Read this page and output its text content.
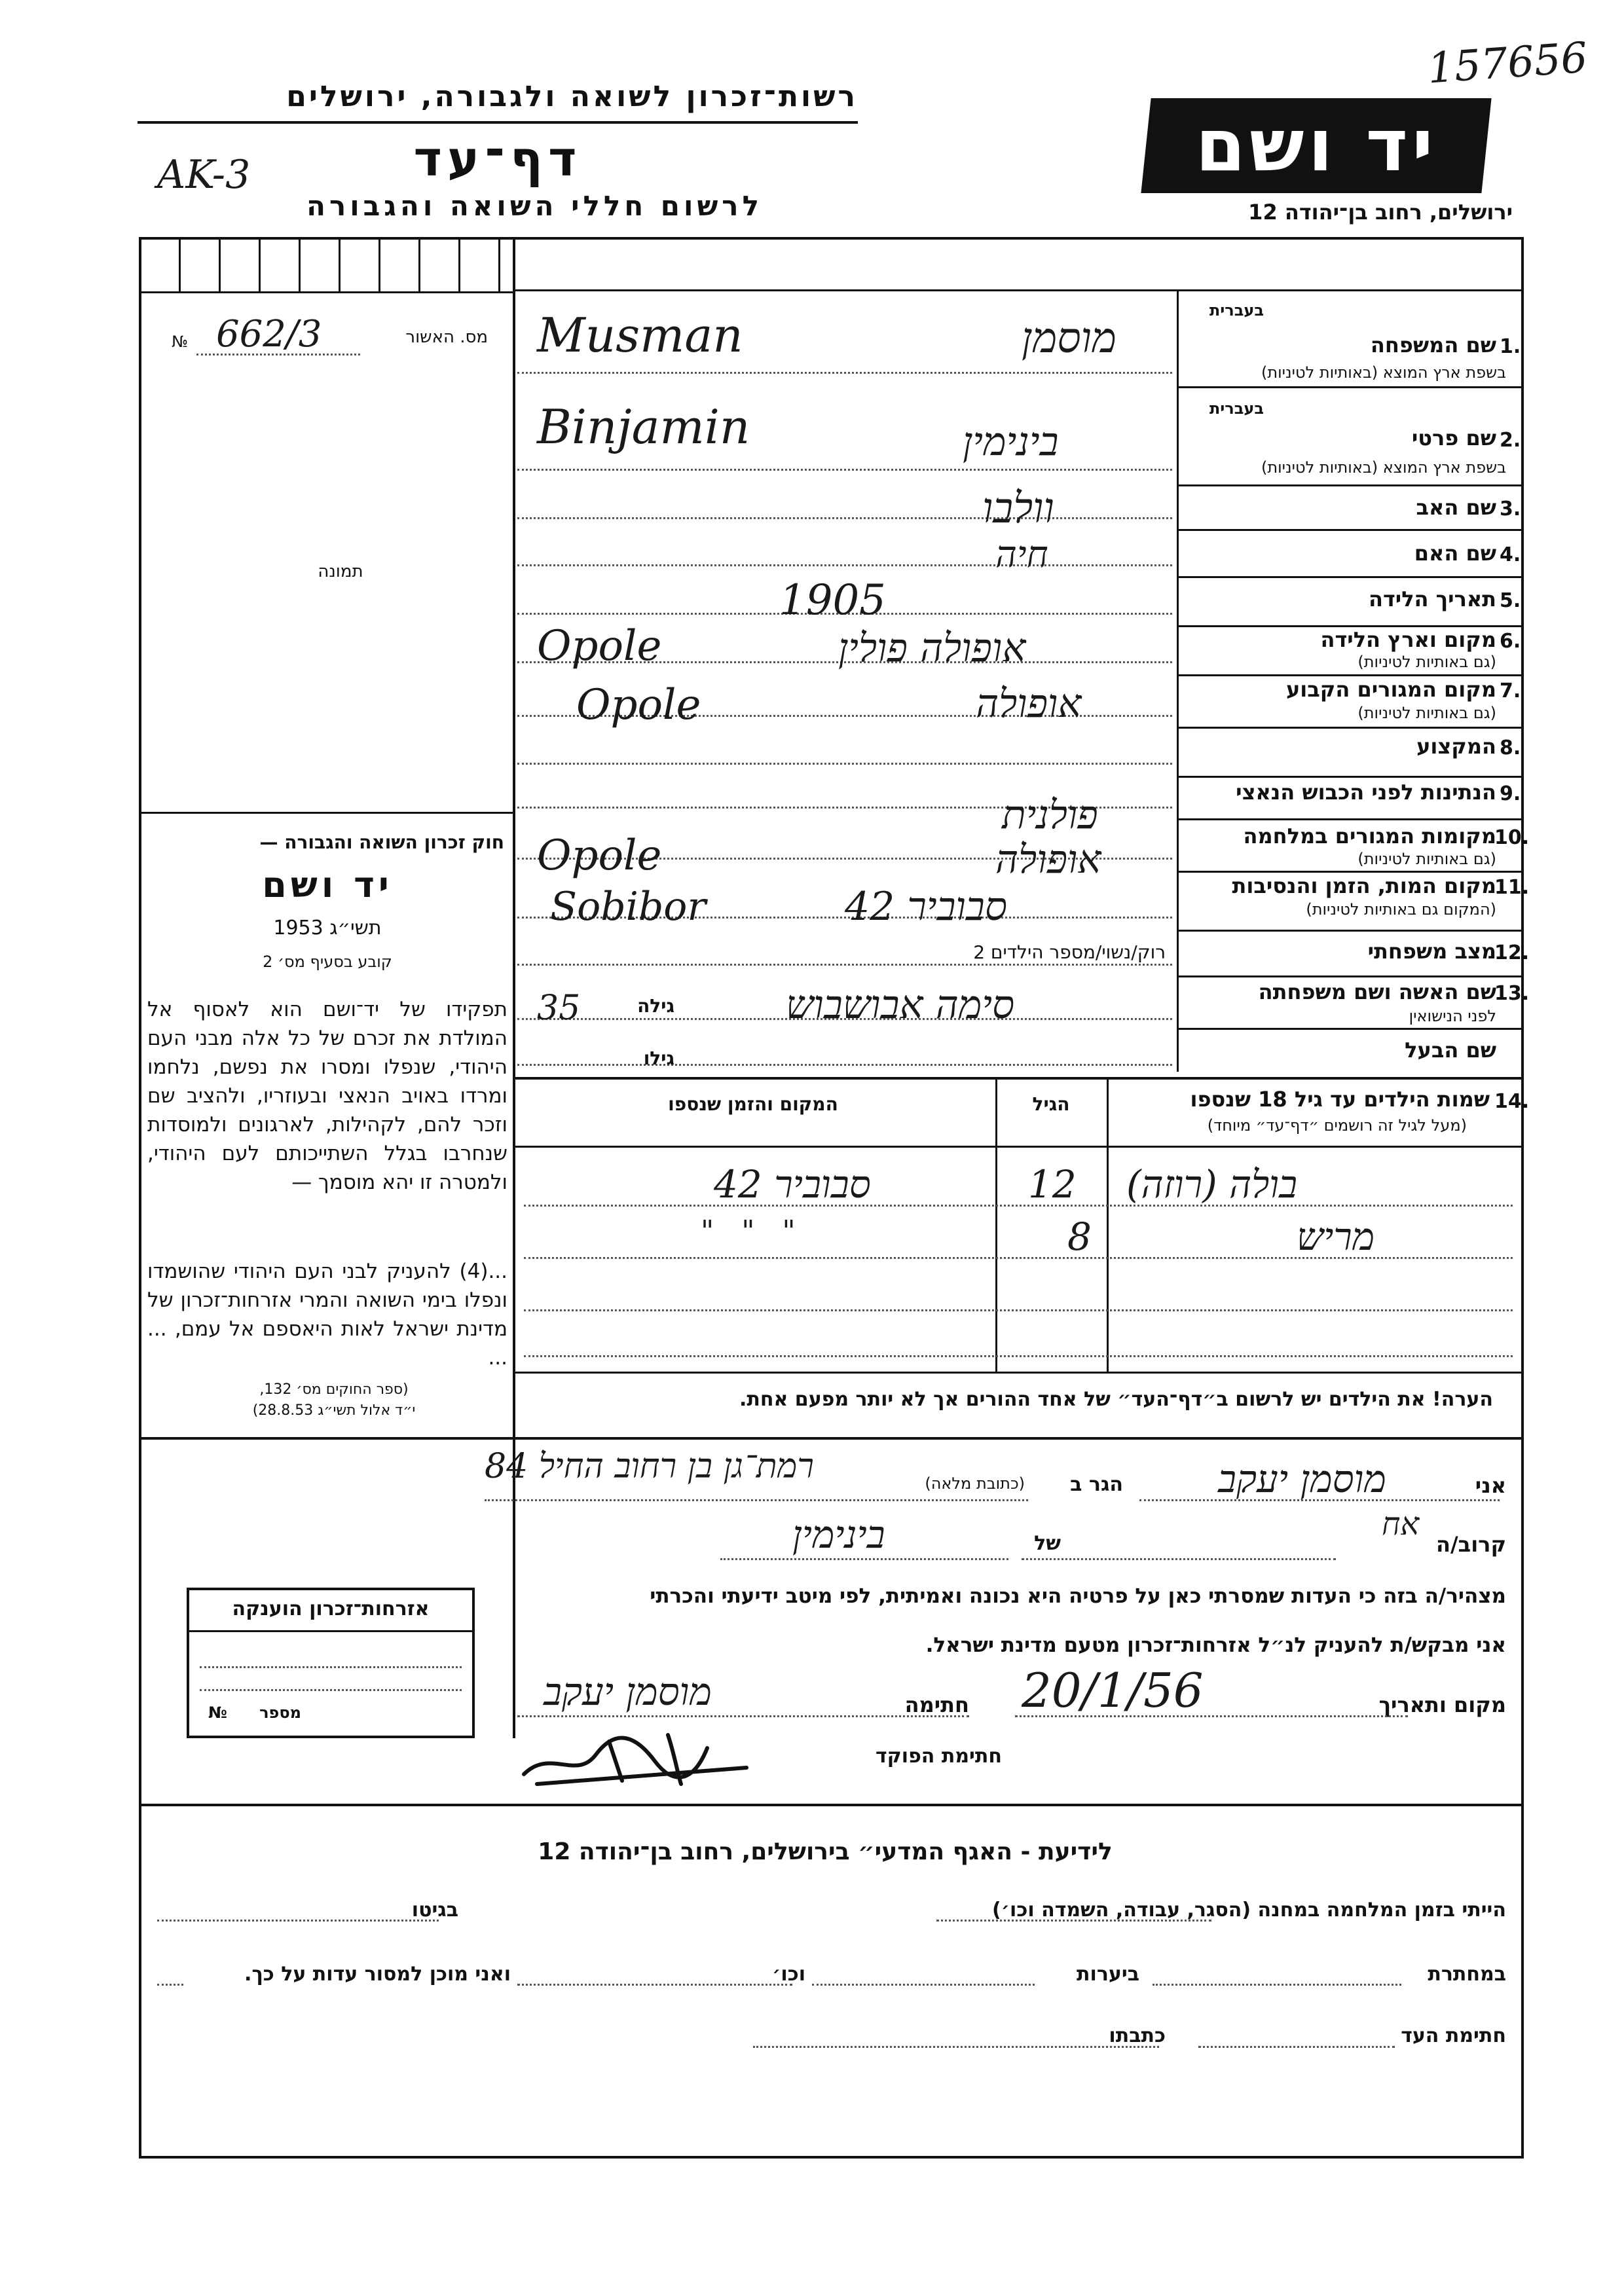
157656
רשות־זכרון לשואה ולגבורה, ירושלים
יד ושם
ירושלים, רחוב בן־יהודה 12
AK-3	דף־עד
לרשום חללי השואה והגבורה
מס. האשור
№ 662/3
תמונה
חוק זכרון השואה והגבורה —
יד ושם
תשי״ג 1953
קובע בסעיף מס׳ 2
תפקידו של יד־ושם הוא לאסוף אל המולדת את זכרם של כל אלה מבני העם היהודי, שנפלו ומסרו את נפשם, נלחמו ומרדו באויב הנאצי ובעוזריו, ולהציב שם וזכר להם, לקהילות, לארגונים ולמוסדות שנחרבו בגלל השתייכותם לעם היהודי, ולמטרה זו יהא מוסמך —
...(4) להעניק לבני העם היהודי שהושמדו ונפלו בימי השואה והמרי אזרחות־זכרון של מדינת ישראל לאות היאספם אל עמם, ... ...
(ספר החוקים מס׳ 132,
י״ד אלול תשי״ג 28.8.53)
בעברית
1.
שם המשפחה
בשפת ארץ המוצא (באותיות לטיניות)
מוסמן
Musman
בעברית
2.
שם פרטי
בשפת ארץ המוצא (באותיות לטיניות)
בינימין
Binjamin
3.
שם האב
וולבו
4.
שם האם
חיה
5.
תאריך הלידה
1905
6.
מקום וארץ הלידה
(גם באותיות לטיניות)
אופולה פולין
Opole
7.
מקום המגורים הקבוע
(גם באותיות לטיניות)
אופולה
Opole
8.
המקצוע
9.
הנתינות לפני הכבוש הנאצי
פולנית	10.
מקומות המגורים במלחמה
(גם באותיות לטיניות)
אופולה
Opole
11.
מקום המות, הזמן והנסיבות
(המקום גם באותיות לטיניות)
סבוביר 42
Sobibor
12.
מצב משפחתי
רוק/נשוי/מספר הילדים 2
13.
שם האשה ושם משפחתה
לפני הנישואין
סימה אבושבוש
גילה
35
שם הבעל
גילו
14.
שמות הילדים עד גיל 18 שנספו
(מעל לגיל זה רושמים ״דף־עד״ מיוחד)
הגיל
המקום והזמן שנספו
בולה (רוזה)
12
סבוביר 42
מריש
8
"   "   "
הערה! את הילדים יש לרשום ב״דף־העד״ של אחד ההורים אך לא יותר מפעם אחת.
אני
מוסמן יעקב
הגר ב
(כתובת מלאה)
רמת־גן בן רחוב החיל 84
קרוב/ה
אח
של
בינימין
מצהיר/ה בזה כי העדות שמסרתי כאן על פרטיה היא נכונה ואמיתית, לפי מיטב ידיעתי והכרתי
אני מבקש/ת להעניק לנ״ל אזרחות־זכרון מטעם מדינת ישראל.
מקום ותאריך
20/1/56
חתימה
מוסמן יעקב
חתימת הפוקד
אזרחות־זכרון הוענקה
מספר
№
לידיעת - האגף המדעי״ בירושלים, רחוב בן־יהודה 12
הייתי בזמן המלחמה במחנה (הסגר, עבודה, השמדה וכו׳)
בגיטו
במחתרת
ביערות
וכו׳
ואני מוכן למסור עדות על כך.
חתימת העד
כתבתו
